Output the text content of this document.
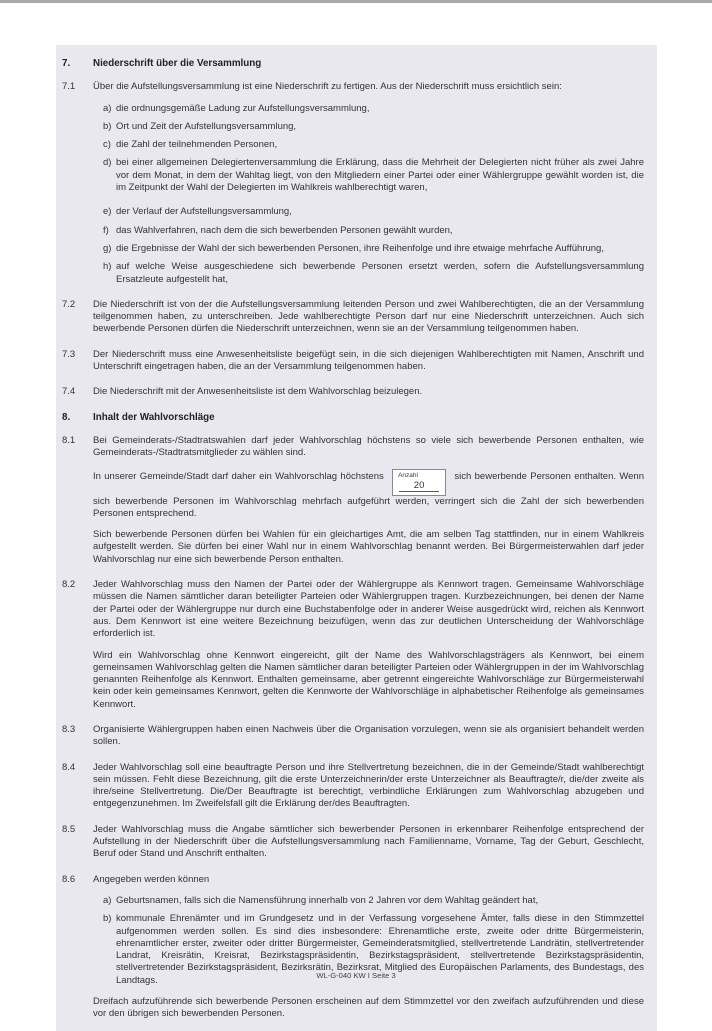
7.	Niederschrift über die Versammlung
7.1	Über die Aufstellungsversammlung ist eine Niederschrift zu fertigen. Aus der Niederschrift muss ersichtlich sein:
a) die ordnungsgemäße Ladung zur Aufstellungsversammlung,
b) Ort und Zeit der Aufstellungsversammlung,
c) die Zahl der teilnehmenden Personen,
d) bei einer allgemeinen Delegiertenversammlung die Erklärung, dass die Mehrheit der Delegierten nicht früher als zwei Jahre vor dem Monat, in dem der Wahltag liegt, von den Mitgliedern einer Partei oder einer Wählergruppe gewählt worden ist, die im Zeitpunkt der Wahl der Delegierten im Wahlkreis wahlberechtigt waren,
e) der Verlauf der Aufstellungsversammlung,
f) das Wahlverfahren, nach dem die sich bewerbenden Personen gewählt wurden,
g) die Ergebnisse der Wahl der sich bewerbenden Personen, ihre Reihenfolge und ihre etwaige mehrfache Aufführung,
h) auf welche Weise ausgeschiedene sich bewerbende Personen ersetzt werden, sofern die Aufstellungsversammlung Ersatzleute aufgestellt hat,
7.2	Die Niederschrift ist von der die Aufstellungsversammlung leitenden Person und zwei Wahlberechtigten, die an der Versammlung teilgenommen haben, zu unterschreiben. Jede wahlberechtigte Person darf nur eine Niederschrift unterzeichnen. Auch sich bewerbende Personen dürfen die Niederschrift unterzeichnen, wenn sie an der Versammlung teilgenommen haben.
7.3	Der Niederschrift muss eine Anwesenheitsliste beigefügt sein, in die sich diejenigen Wahlberechtigten mit Namen, Anschrift und Unterschrift eingetragen haben, die an der Versammlung teilgenommen haben.
7.4	Die Niederschrift mit der Anwesenheitsliste ist dem Wahlvorschlag beizulegen.
8.	Inhalt der Wahlvorschläge
8.1	Bei Gemeinderats-/Stadtratswahlen darf jeder Wahlvorschlag höchstens so viele sich bewerbende Personen enthalten, wie Gemeinderats-/Stadtratsmitglieder zu wählen sind.
In unserer Gemeinde/Stadt darf daher ein Wahlvorschlag höchstens	Anzahl
20 sich bewerbende Personen enthalten. Wenn sich bewerbende Personen im Wahlvorschlag mehrfach aufgeführt werden, verringert sich die Zahl der sich bewerbenden Personen entsprechend.
Sich bewerbende Personen dürfen bei Wahlen für ein gleichartiges Amt, die am selben Tag stattfinden, nur in einem Wahlkreis aufgestellt werden. Sie dürfen bei einer Wahl nur in einem Wahlvorschlag benannt werden. Bei Bürgermeisterwahlen darf jeder Wahlvorschlag nur eine sich bewerbende Person enthalten.
8.2	Jeder Wahlvorschlag muss den Namen der Partei oder der Wählergruppe als Kennwort tragen. Gemeinsame Wahlvorschläge müssen die Namen sämtlicher daran beteiligter Parteien oder Wählergruppen tragen. Kurzbezeichnungen, bei denen der Name der Partei oder der Wählergruppe nur durch eine Buchstabenfolge oder in anderer Weise ausgedrückt wird, reichen als Kennwort aus. Dem Kennwort ist eine weitere Bezeichnung beizufügen, wenn das zur deutlichen Unterscheidung der Wahlvorschläge erforderlich ist.
Wird ein Wahlvorschlag ohne Kennwort eingereicht, gilt der Name des Wahlvorschlagsträgers als Kennwort, bei einem gemeinsamen Wahlvorschlag gelten die Namen sämtlicher daran beteiligter Parteien oder Wählergruppen in der im Wahlvorschlag genannten Reihenfolge als Kennwort. Enthalten gemeinsame, aber getrennt eingereichte Wahlvorschläge zur Bürgermeisterwahl kein oder kein gemeinsames Kennwort, gelten die Kennworte der Wahlvorschläge in alphabetischer Reihenfolge als gemeinsames Kennwort.
8.3	Organisierte Wählergruppen haben einen Nachweis über die Organisation vorzulegen, wenn sie als organisiert behandelt werden sollen.
8.4	Jeder Wahlvorschlag soll eine beauftragte Person und ihre Stellvertretung bezeichnen, die in der Gemeinde/Stadt wahlberechtigt sein müssen. Fehlt diese Bezeichnung, gilt die erste Unterzeichnerin/der erste Unterzeichner als Beauftragte/r, die/der zweite als ihre/seine Stellvertretung. Die/Der Beauftragte ist berechtigt, verbindliche Erklärungen zum Wahlvorschlag abzugeben und entgegenzunehmen. Im Zweifelsfall gilt die Erklärung der/des Beauftragten.
8.5	Jeder Wahlvorschlag muss die Angabe sämtlicher sich bewerbender Personen in erkennbarer Reihenfolge entsprechend der Aufstellung in der Niederschrift über die Aufstellungsversammlung nach Familienname, Vorname, Tag der Geburt, Geschlecht, Beruf oder Stand und Anschrift enthalten.
8.6	Angegeben werden können
a) Geburtsnamen, falls sich die Namensführung innerhalb von 2 Jahren vor dem Wahltag geändert hat,
b) kommunale Ehrenämter und im Grundgesetz und in der Verfassung vorgesehene Ämter, falls diese in den Stimmzettel aufgenommen werden sollen. Es sind dies insbesondere: Ehrenamtliche erste, zweite oder dritte Bürgermeisterin, ehrenamtlicher erster, zweiter oder dritter Bürgermeister, Gemeinderatsmitglied, stellvertretende Landrätin, stellvertretender Landrat, Kreisrätin, Kreisrat, Bezirkstagspräsidentin, Bezirkstagspräsident, stellvertretende Bezirkstagspräsidentin, stellvertretender Bezirkstagspräsident, Bezirksrätin, Bezirksrat, Mitglied des Europäischen Parlaments, des Bundestags, des Landtags.
Dreifach aufzuführende sich bewerbende Personen erscheinen auf dem Stimmzettel vor den zweifach aufzuführenden und diese vor den übrigen sich bewerbenden Personen.
WL-G-040 KW I Seite 3
